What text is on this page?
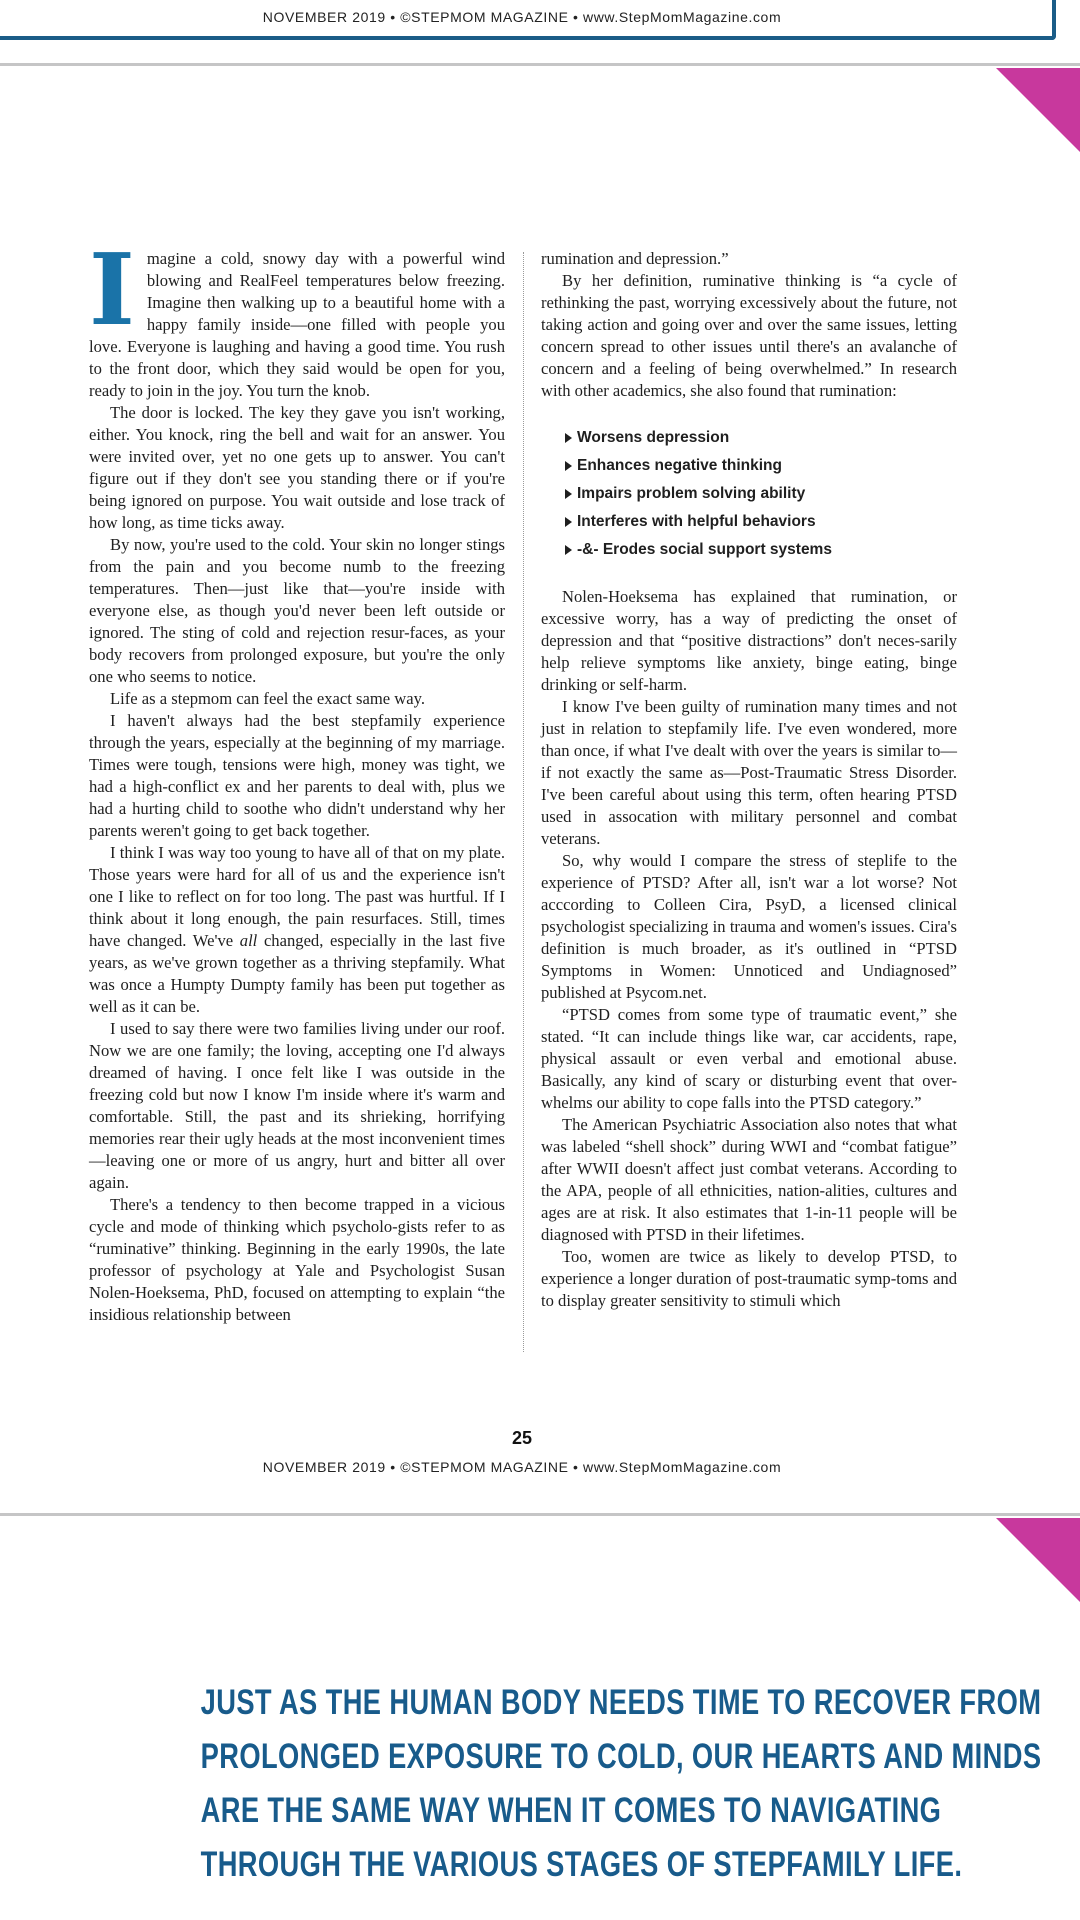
NOVEMBER 2019 • ©STEPMOM MAGAZINE • www.StepMomMagazine.com

Imagine a cold, snowy day with a powerful wind blowing and RealFeel temperatures below freezing. Imagine then walking up to a beautiful home with a happy family inside—one filled with people you love. Everyone is laughing and having a good time. You rush to the front door, which they said would be open for you, ready to join in the joy. You turn the knob.

The door is locked. The key they gave you isn't working, either. You knock, ring the bell and wait for an answer. You were invited over, yet no one gets up to answer. You can't figure out if they don't see you standing there or if you're being ignored on purpose. You wait outside and lose track of how long, as time ticks away.

By now, you're used to the cold. Your skin no longer stings from the pain and you become numb to the freezing temperatures. Then—just like that—you're inside with everyone else, as though you'd never been left outside or ignored. The sting of cold and rejection resur-faces, as your body recovers from prolonged exposure, but you're the only one who seems to notice.

Life as a stepmom can feel the exact same way.

I haven't always had the best stepfamily experience through the years, especially at the beginning of my marriage. Times were tough, tensions were high, money was tight, we had a high-conflict ex and her parents to deal with, plus we had a hurting child to soothe who didn't understand why her parents weren't going to get back together.

I think I was way too young to have all of that on my plate. Those years were hard for all of us and the experience isn't one I like to reflect on for too long. The past was hurtful. If I think about it long enough, the pain resurfaces. Still, times have changed. We've all changed, especially in the last five years, as we've grown together as a thriving stepfamily. What was once a Humpty Dumpty family has been put together as well as it can be.

I used to say there were two families living under our roof. Now we are one family; the loving, accepting one I'd always dreamed of having. I once felt like I was outside in the freezing cold but now I know I'm inside where it's warm and comfortable. Still, the past and its shrieking, horrifying memories rear their ugly heads at the most inconvenient times—leaving one or more of us angry, hurt and bitter all over again.

There's a tendency to then become trapped in a vicious cycle and mode of thinking which psycholo-gists refer to as “ruminative” thinking. Beginning in the early 1990s, the late professor of psychology at Yale and Psychologist Susan Nolen-Hoeksema, PhD, focused on attempting to explain “the insidious relationship between

rumination and depression.”

By her definition, ruminative thinking is “a cycle of rethinking the past, worrying excessively about the future, not taking action and going over and over the same issues, letting concern spread to other issues until there's an avalanche of concern and a feeling of being overwhelmed.” In research with other academics, she also found that rumination:

Worsens depression
Enhances negative thinking
Impairs problem solving ability
Interferes with helpful behaviors
-&- Erodes social support systems

Nolen-Hoeksema has explained that rumination, or excessive worry, has a way of predicting the onset of depression and that “positive distractions” don't neces-sarily help relieve symptoms like anxiety, binge eating, binge drinking or self-harm.

I know I've been guilty of rumination many times and not just in relation to stepfamily life. I've even wondered, more than once, if what I've dealt with over the years is similar to—if not exactly the same as—Post-Traumatic Stress Disorder. I've been careful about using this term, often hearing PTSD used in assocation with military personnel and combat veterans.

So, why would I compare the stress of steplife to the experience of PTSD? After all, isn't war a lot worse? Not acccording to Colleen Cira, PsyD, a licensed clinical psychologist specializing in trauma and women's issues. Cira's definition is much broader, as it's outlined in “PTSD Symptoms in Women: Unnoticed and Undiagnosed” published at Psycom.net.

“PTSD comes from some type of traumatic event,” she stated. “It can include things like war, car accidents, rape, physical assault or even verbal and emotional abuse. Basically, any kind of scary or disturbing event that over-whelms our ability to cope falls into the PTSD category.”

The American Psychiatric Association also notes that what was labeled “shell shock” during WWI and “combat fatigue” after WWII doesn't affect just combat veterans. According to the APA, people of all ethnicities, nation-alities, cultures and ages are at risk. It also estimates that 1-in-11 people will be diagnosed with PTSD in their lifetimes.

Too, women are twice as likely to develop PTSD, to experience a longer duration of post-traumatic symp-toms and to display greater sensitivity to stimuli which

25
NOVEMBER 2019 • ©STEPMOM MAGAZINE • www.StepMomMagazine.com
JUST AS THE HUMAN BODY NEEDS TIME TO RECOVER FROM
PROLONGED EXPOSURE TO COLD, OUR HEARTS AND MINDS
ARE THE SAME WAY WHEN IT COMES TO NAVIGATING
THROUGH THE VARIOUS STAGES OF STEPFAMILY LIFE.
